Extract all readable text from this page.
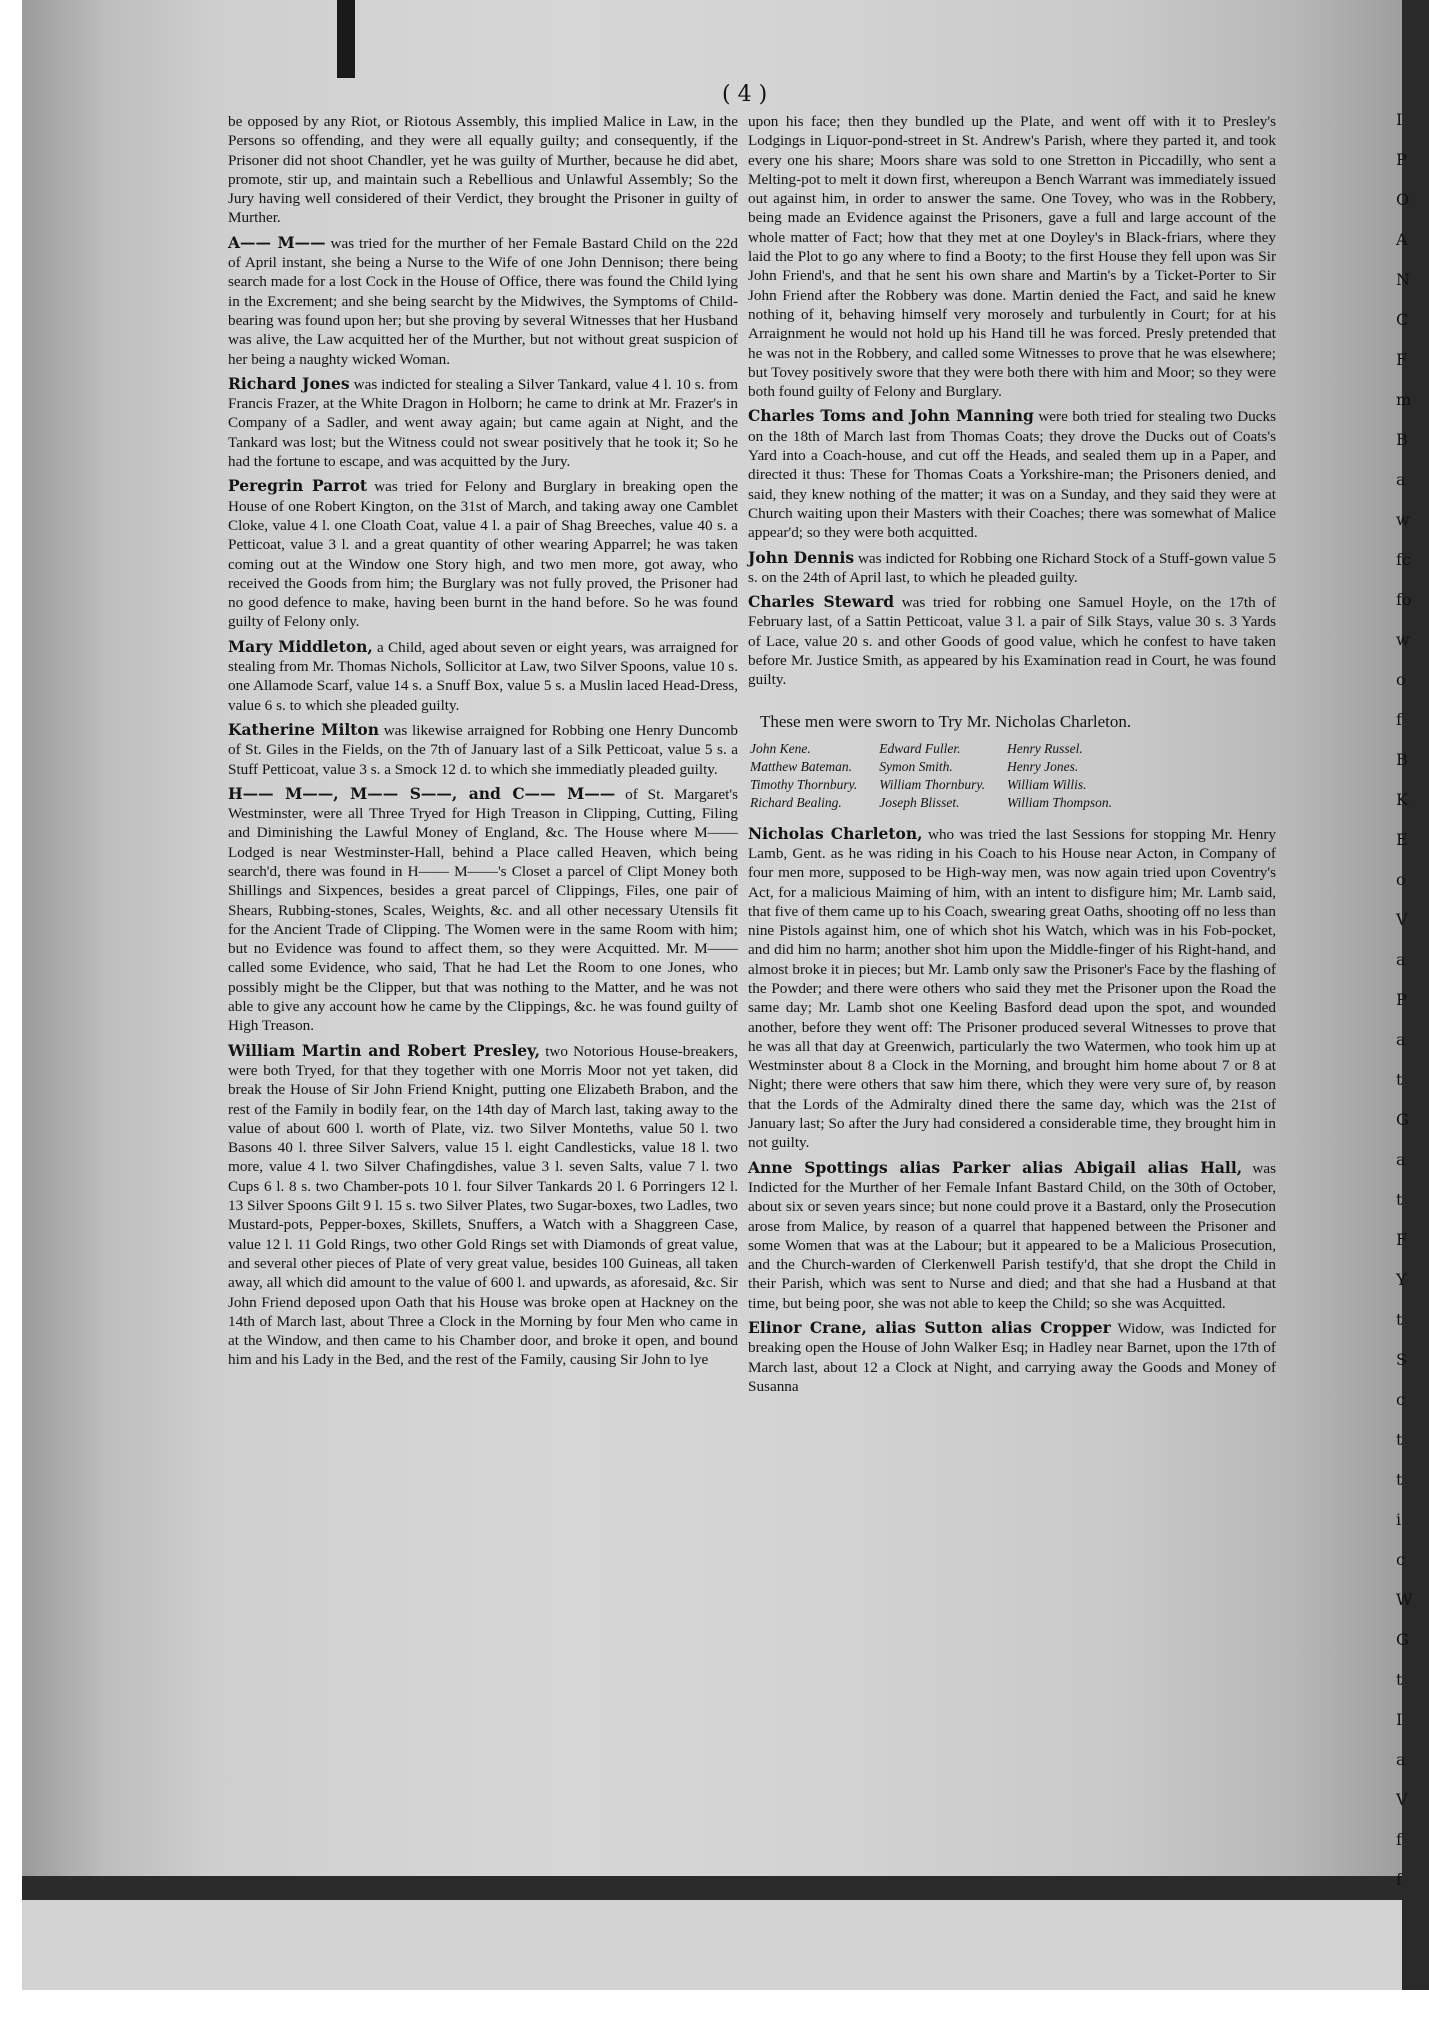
( 4 )

be opposed by any Riot, or Riotous Assembly, this implied Malice in Law, in the Persons so offending, and they were all equally guilty; and consequently, if the Prisoner did not shoot Chandler, yet he was guilty of Murther, because he did abet, promote, stir up, and maintain such a Rebellious and Unlawful Assembly; So the Jury having well considered of their Verdict, they brought the Prisoner in guilty of Murther.

A—— M—— was tried for the murther of her Female Bastard Child on the 22d of April instant, she being a Nurse to the Wife of one John Dennison; there being search made for a lost Cock in the House of Office, there was found the Child lying in the Excrement; and she being searcht by the Midwives, the Symptoms of Child-bearing was found upon her; but she proving by several Witnesses that her Husband was alive, the Law acquitted her of the Murther, but not without great suspicion of her being a naughty wicked Woman.

Richard Jones was indicted for stealing a Silver Tankard, value 4 l. 10 s. from Francis Frazer, at the White Dragon in Holborn; he came to drink at Mr. Frazer's in Company of a Sadler, and went away again; but came again at Night, and the Tankard was lost; but the Witness could not swear positively that he took it; So he had the fortune to escape, and was acquitted by the Jury.

Peregrin Parrot was tried for Felony and Burglary in breaking open the House of one Robert Kington, on the 31st of March, and taking away one Camblet Cloke, value 4 l. one Cloath Coat, value 4 l. a pair of Shag Breeches, value 40 s. a Petticoat, value 3 l. and a great quantity of other wearing Apparrel; he was taken coming out at the Window one Story high, and two men more, got away, who received the Goods from him; the Burglary was not fully proved, the Prisoner had no good defence to make, having been burnt in the hand before. So he was found guilty of Felony only.

Mary Middleton, a Child, aged about seven or eight years, was arraigned for stealing from Mr. Thomas Nichols, Sollicitor at Law, two Silver Spoons, value 10 s. one Allamode Scarf, value 14 s. a Snuff Box, value 5 s. a Muslin laced Head-Dress, value 6 s. to which she pleaded guilty.

Katherine Milton was likewise arraigned for Robbing one Henry Duncomb of St. Giles in the Fields, on the 7th of January last of a Silk Petticoat, value 5 s. a Stuff Petticoat, value 3 s. a Smock 12 d. to which she immediatly pleaded guilty.

H—— M——, M—— S——, and C—— M—— of St. Margaret's Westminster, were all Three Tryed for High Treason in Clipping, Cutting, Filing and Diminishing the Lawful Money of England, &c. The House where M—— Lodged is near Westminster-Hall, behind a Place called Heaven, which being search'd, there was found in H—— M——'s Closet a parcel of Clipt Money both Shillings and Sixpences, besides a great parcel of Clippings, Files, one pair of Shears, Rubbing-stones, Scales, Weights, &c. and all other necessary Utensils fit for the Ancient Trade of Clipping. The Women were in the same Room with him; but no Evidence was found to affect them, so they were Acquitted. Mr. M—— called some Evidence, who said, That he had Let the Room to one Jones, who possibly might be the Clipper, but that was nothing to the Matter, and he was not able to give any account how he came by the Clippings, &c. he was found guilty of High Treason.

William Martin and Robert Presley, two Notorious House-breakers, were both Tryed, for that they together with one Morris Moor not yet taken, did break the House of Sir John Friend Knight, putting one Elizabeth Brabon, and the rest of the Family in bodily fear, on the 14th day of March last, taking away to the value of about 600 l. worth of Plate, viz. two Silver Monteths, value 50 l. two Basons 40 l. three Silver Salvers, value 15 l. eight Candlesticks, value 18 l. two more, value 4 l. two Silver Chafingdishes, value 3 l. seven Salts, value 7 l. two Cups 6 l. 8 s. two Chamber-pots 10 l. four Silver Tankards 20 l. 6 Porringers 12 l. 13 Silver Spoons Gilt 9 l. 15 s. two Silver Plates, two Sugar-boxes, two Ladles, two Mustard-pots, Pepper-boxes, Skillets, Snuffers, a Watch with a Shaggreen Case, value 12 l. 11 Gold Rings, two other Gold Rings set with Diamonds of great value, and several other pieces of Plate of very great value, besides 100 Guineas, all taken away, all which did amount to the value of 600 l. and upwards, as aforesaid, &c. Sir John Friend deposed upon Oath that his House was broke open at Hackney on the 14th of March last, about Three a Clock in the Morning by four Men who came in at the Window, and then came to his Chamber door, and broke it open, and bound him and his Lady in the Bed, and the rest of the Family, causing Sir John to lye

upon his face; then they bundled up the Plate, and went off with it to Presley's Lodgings in Liquor-pond-street in St. Andrew's Parish, where they parted it, and took every one his share; Moors share was sold to one Stretton in Piccadilly, who sent a Melting-pot to melt it down first, whereupon a Bench Warrant was immediately issued out against him, in order to answer the same. One Tovey, who was in the Robbery, being made an Evidence against the Prisoners, gave a full and large account of the whole matter of Fact; how that they met at one Doyley's in Black-friars, where they laid the Plot to go any where to find a Booty; to the first House they fell upon was Sir John Friend's, and that he sent his own share and Martin's by a Ticket-Porter to Sir John Friend after the Robbery was done. Martin denied the Fact, and said he knew nothing of it, behaving himself very morosely and turbulently in Court; for at his Arraignment he would not hold up his Hand till he was forced. Presly pretended that he was not in the Robbery, and called some Witnesses to prove that he was elsewhere; but Tovey positively swore that they were both there with him and Moor; so they were both found guilty of Felony and Burglary.

Charles Toms and John Manning were both tried for stealing two Ducks on the 18th of March last from Thomas Coats; they drove the Ducks out of Coats's Yard into a Coach-house, and cut off the Heads, and sealed them up in a Paper, and directed it thus: These for Thomas Coats a Yorkshire-man; the Prisoners denied, and said, they knew nothing of the matter; it was on a Sunday, and they said they were at Church waiting upon their Masters with their Coaches; there was somewhat of Malice appear'd; so they were both acquitted.

John Dennis was indicted for Robbing one Richard Stock of a Stuff-gown value 5 s. on the 24th of April last, to which he pleaded guilty.

Charles Steward was tried for robbing one Samuel Hoyle, on the 17th of February last, of a Sattin Petticoat, value 3 l. a pair of Silk Stays, value 30 s. 3 Yards of Lace, value 20 s. and other Goods of good value, which he confest to have taken before Mr. Justice Smith, as appeared by his Examination read in Court, he was found guilty.

These men were sworn to Try Mr. Nicholas Charleton.
John Kene.	Edward Fuller.	Henry Russel.
Matthew Bateman.	Symon Smith.	Henry Jones.
Timothy Thornbury.	William Thornbury.	William Willis.
Richard Bealing.	Joseph Blisset.	William Thompson.

Nicholas Charleton, who was tried the last Sessions for stopping Mr. Henry Lamb, Gent. as he was riding in his Coach to his House near Acton, in Company of four men more, supposed to be High-way men, was now again tried upon Coventry's Act, for a malicious Maiming of him, with an intent to disfigure him; Mr. Lamb said, that five of them came up to his Coach, swearing great Oaths, shooting off no less than nine Pistols against him, one of which shot his Watch, which was in his Fob-pocket, and did him no harm; another shot him upon the Middle-finger of his Right-hand, and almost broke it in pieces; but Mr. Lamb only saw the Prisoner's Face by the flashing of the Powder; and there were others who said they met the Prisoner upon the Road the same day; Mr. Lamb shot one Keeling Basford dead upon the spot, and wounded another, before they went off: The Prisoner produced several Witnesses to prove that he was all that day at Greenwich, particularly the two Watermen, who took him up at Westminster about 8 a Clock in the Morning, and brought him home about 7 or 8 at Night; there were others that saw him there, which they were very sure of, by reason that the Lords of the Admiralty dined there the same day, which was the 21st of January last; So after the Jury had considered a considerable time, they brought him in not guilty.

Anne Spottings alias Parker alias Abigail alias Hall, was Indicted for the Murther of her Female Infant Bastard Child, on the 30th of October, about six or seven years since; but none could prove it a Bastard, only the Prosecution arose from Malice, by reason of a quarrel that happened between the Prisoner and some Women that was at the Labour; but it appeared to be a Malicious Prosecution, and the Church-warden of Clerkenwell Parish testify'd, that she dropt the Child in their Parish, which was sent to Nurse and died; and that she had a Husband at that time, but being poor, she was not able to keep the Child; so she was Acquitted.

Elinor Crane, alias Sutton alias Cropper Widow, was Indicted for breaking open the House of John Walker Esq; in Hadley near Barnet, upon the 17th of March last, about 12 a Clock at Night, and carrying away the Goods and Money of Susanna

I
P
O
A
N
C
F
m
B
a
w
fc
fo
w
o
f
B
K
E
o
V
a
P
a
t
G
a
t
F
Y
t
S
c
t
t
i
c
W
G
t
I
a
V
f
f
